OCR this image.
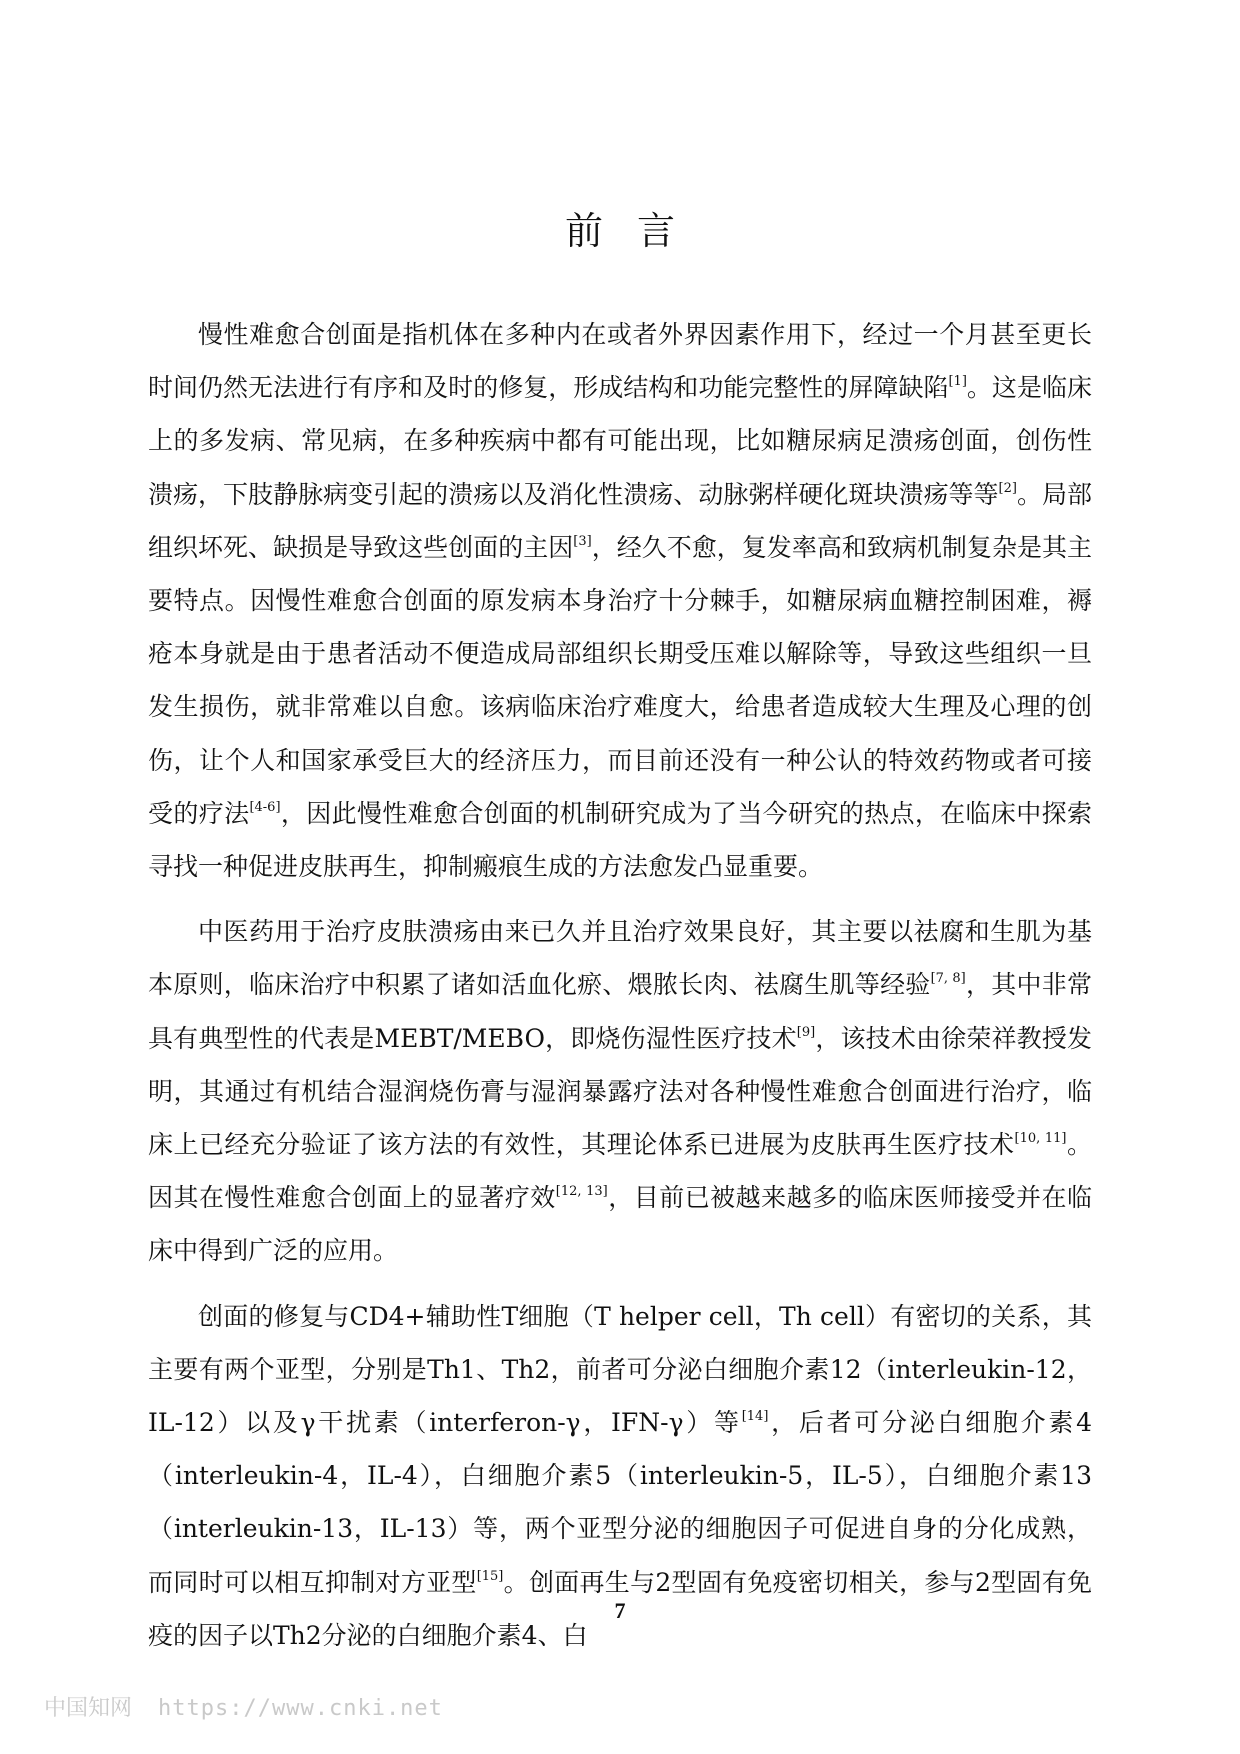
前言

慢性难愈合创面是指机体在多种内在或者外界因素作用下，经过一个月甚至更长时间仍然无法进行有序和及时的修复，形成结构和功能完整性的屏障缺陷[1]。这是临床上的多发病、常见病，在多种疾病中都有可能出现，比如糖尿病足溃疡创面，创伤性溃疡，下肢静脉病变引起的溃疡以及消化性溃疡、动脉粥样硬化斑块溃疡等等[2]。局部组织坏死、缺损是导致这些创面的主因[3]，经久不愈，复发率高和致病机制复杂是其主要特点。因慢性难愈合创面的原发病本身治疗十分棘手，如糖尿病血糖控制困难，褥疮本身就是由于患者活动不便造成局部组织长期受压难以解除等，导致这些组织一旦发生损伤，就非常难以自愈。该病临床治疗难度大，给患者造成较大生理及心理的创伤，让个人和国家承受巨大的经济压力，而目前还没有一种公认的特效药物或者可接受的疗法[4-6]，因此慢性难愈合创面的机制研究成为了当今研究的热点，在临床中探索寻找一种促进皮肤再生，抑制瘢痕生成的方法愈发凸显重要。

中医药用于治疗皮肤溃疡由来已久并且治疗效果良好，其主要以祛腐和生肌为基本原则，临床治疗中积累了诸如活血化瘀、煨脓长肉、祛腐生肌等经验[7, 8]，其中非常具有典型性的代表是MEBT/MEBO，即烧伤湿性医疗技术[9]，该技术由徐荣祥教授发明，其通过有机结合湿润烧伤膏与湿润暴露疗法对各种慢性难愈合创面进行治疗，临床上已经充分验证了该方法的有效性，其理论体系已进展为皮肤再生医疗技术[10, 11]。因其在慢性难愈合创面上的显著疗效[12, 13]，目前已被越来越多的临床医师接受并在临床中得到广泛的应用。

创面的修复与CD4+辅助性T细胞（T helper cell，Th cell）有密切的关系，其主要有两个亚型，分别是Th1、Th2，前者可分泌白细胞介素12（interleukin-12，IL-12）以及γ干扰素（interferon-γ，IFN-γ）等[14]，后者可分泌白细胞介素4（interleukin-4，IL-4），白细胞介素5（interleukin-5，IL-5），白细胞介素13（interleukin-13，IL-13）等，两个亚型分泌的细胞因子可促进自身的分化成熟，而同时可以相互抑制对方亚型[15]。创面再生与2型固有免疫密切相关，参与2型固有免疫的因子以Th2分泌的白细胞介素4、白

7
中国知网 https://www.cnki.net
